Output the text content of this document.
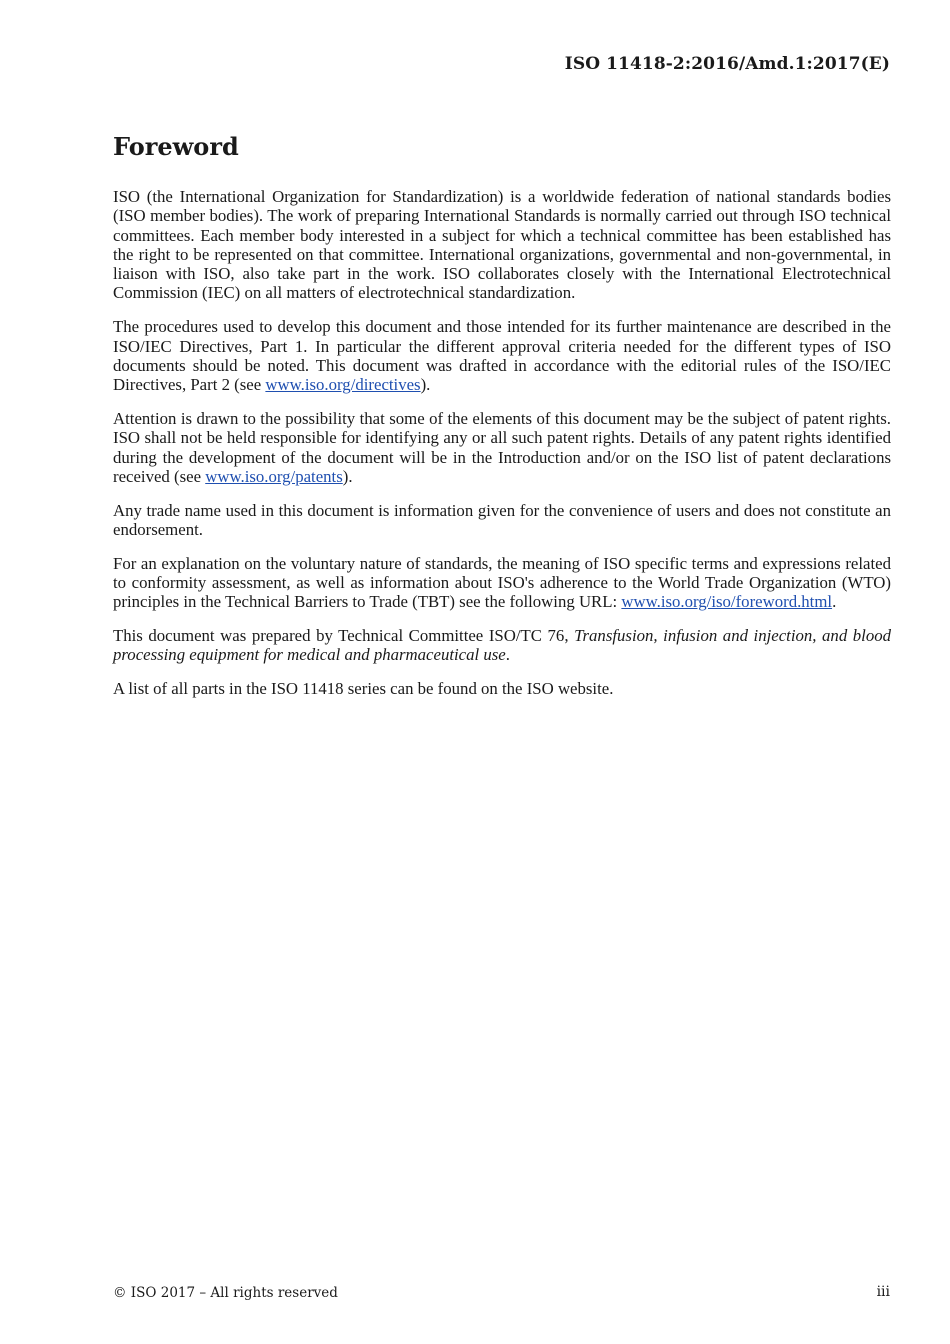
ISO 11418-2:2016/Amd.1:2017(E)
Foreword

ISO (the International Organization for Standardization) is a worldwide federation of national standards bodies (ISO member bodies). The work of preparing International Standards is normally carried out through ISO technical committees. Each member body interested in a subject for which a technical committee has been established has the right to be represented on that committee. International organizations, governmental and non-governmental, in liaison with ISO, also take part in the work. ISO collaborates closely with the International Electrotechnical Commission (IEC) on all matters of electrotechnical standardization.

The procedures used to develop this document and those intended for its further maintenance are described in the ISO/IEC Directives, Part 1. In particular the different approval criteria needed for the different types of ISO documents should be noted. This document was drafted in accordance with the editorial rules of the ISO/IEC Directives, Part 2 (see www.iso.org/directives).

Attention is drawn to the possibility that some of the elements of this document may be the subject of patent rights. ISO shall not be held responsible for identifying any or all such patent rights. Details of any patent rights identified during the development of the document will be in the Introduction and/or on the ISO list of patent declarations received (see www.iso.org/patents).

Any trade name used in this document is information given for the convenience of users and does not constitute an endorsement.

For an explanation on the voluntary nature of standards, the meaning of ISO specific terms and expressions related to conformity assessment, as well as information about ISO's adherence to the World Trade Organization (WTO) principles in the Technical Barriers to Trade (TBT) see the following URL: www.iso.org/iso/foreword.html.

This document was prepared by Technical Committee ISO/TC 76, Transfusion, infusion and injection, and blood processing equipment for medical and pharmaceutical use.

A list of all parts in the ISO 11418 series can be found on the ISO website.

© ISO 2017 – All rights reserved	iii
